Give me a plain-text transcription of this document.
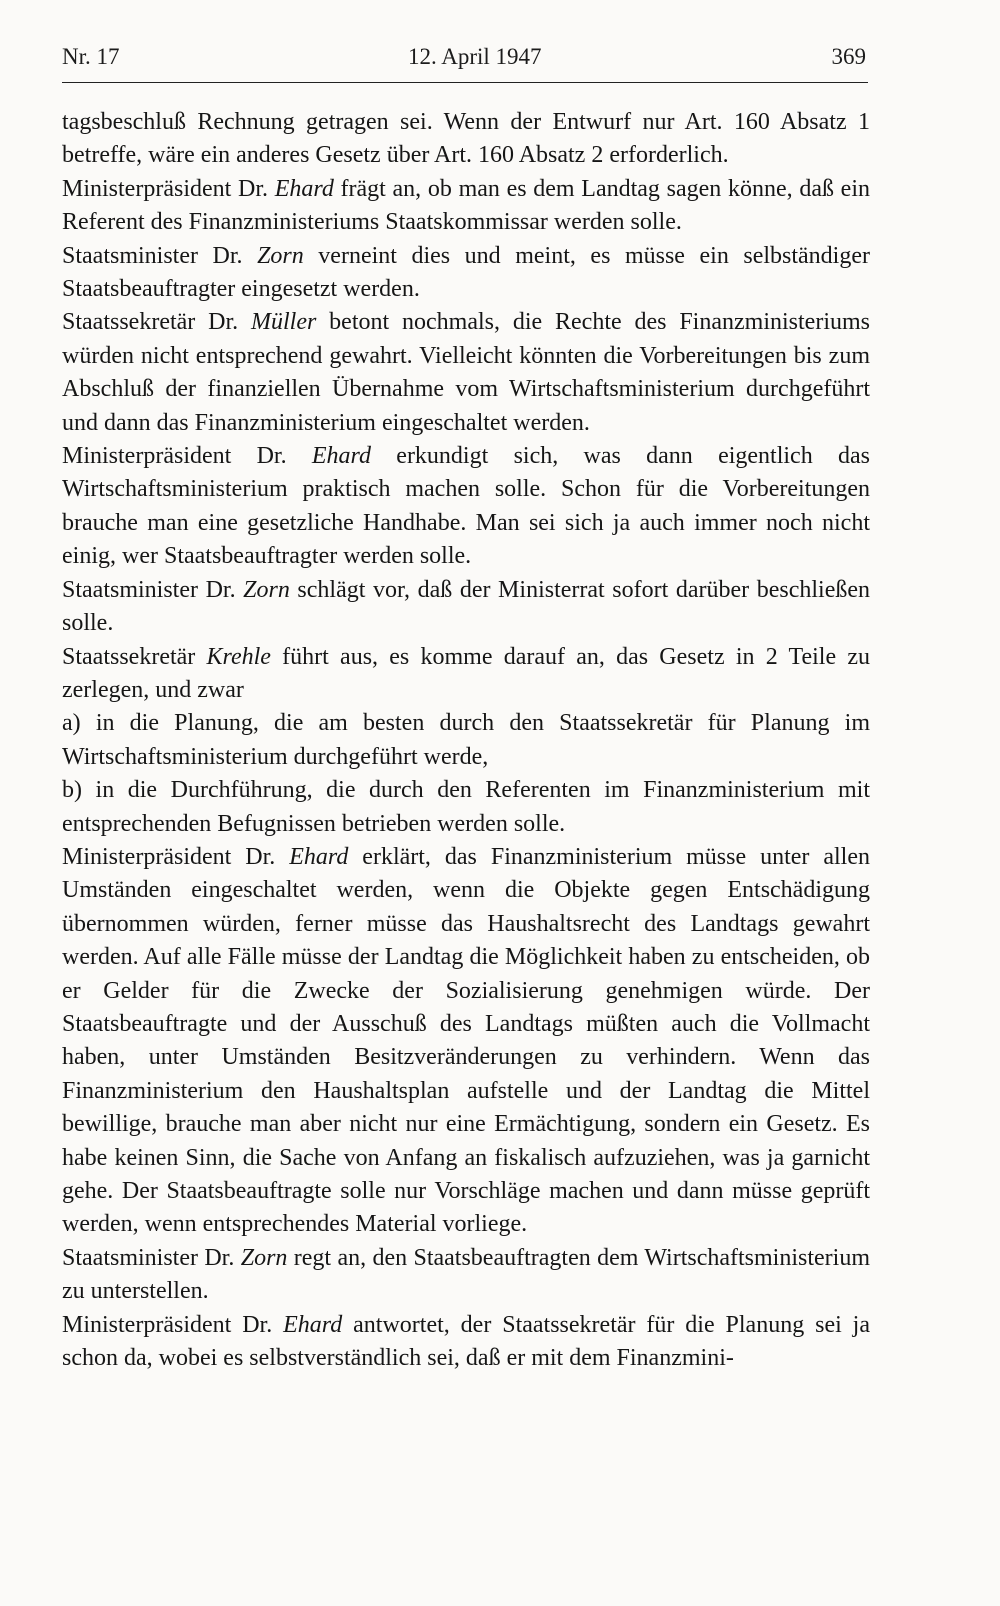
Nr. 17	12. April 1947	369

tagsbeschluß Rechnung getragen sei. Wenn der Entwurf nur Art. 160 Absatz 1 betreffe, wäre ein anderes Gesetz über Art. 160 Absatz 2 erforderlich.

Ministerpräsident Dr. Ehard frägt an, ob man es dem Landtag sagen könne, daß ein Referent des Finanzministeriums Staatskommissar werden solle.

Staatsminister Dr. Zorn verneint dies und meint, es müsse ein selbständiger Staatsbeauftragter eingesetzt werden.

Staatssekretär Dr. Müller betont nochmals, die Rechte des Finanzministeriums würden nicht entsprechend gewahrt. Vielleicht könnten die Vorbereitungen bis zum Abschluß der finanziellen Übernahme vom Wirtschaftsministerium durchgeführt und dann das Finanzministerium eingeschaltet werden.

Ministerpräsident Dr. Ehard erkundigt sich, was dann eigentlich das Wirtschaftsministerium praktisch machen solle. Schon für die Vorbereitungen brauche man eine gesetzliche Handhabe. Man sei sich ja auch immer noch nicht einig, wer Staatsbeauftragter werden solle.

Staatsminister Dr. Zorn schlägt vor, daß der Ministerrat sofort darüber beschließen solle.

Staatssekretär Krehle führt aus, es komme darauf an, das Gesetz in 2 Teile zu zerlegen, und zwar

a) in die Planung, die am besten durch den Staatssekretär für Planung im Wirtschaftsministerium durchgeführt werde,

b) in die Durchführung, die durch den Referenten im Finanzministerium mit entsprechenden Befugnissen betrieben werden solle.

Ministerpräsident Dr. Ehard erklärt, das Finanzministerium müsse unter allen Umständen eingeschaltet werden, wenn die Objekte gegen Entschädigung übernommen würden, ferner müsse das Haushaltsrecht des Landtags gewahrt werden. Auf alle Fälle müsse der Landtag die Möglichkeit haben zu entscheiden, ob er Gelder für die Zwecke der Sozialisierung genehmigen würde. Der Staatsbeauftragte und der Ausschuß des Landtags müßten auch die Vollmacht haben, unter Umständen Besitzveränderungen zu verhindern. Wenn das Finanzministerium den Haushaltsplan aufstelle und der Landtag die Mittel bewillige, brauche man aber nicht nur eine Ermächtigung, sondern ein Gesetz. Es habe keinen Sinn, die Sache von Anfang an fiskalisch aufzuziehen, was ja garnicht gehe. Der Staatsbeauftragte solle nur Vorschläge machen und dann müsse geprüft werden, wenn entsprechendes Material vorliege.

Staatsminister Dr. Zorn regt an, den Staatsbeauftragten dem Wirtschaftsministerium zu unterstellen.

Ministerpräsident Dr. Ehard antwortet, der Staatssekretär für die Planung sei ja schon da, wobei es selbstverständlich sei, daß er mit dem Finanzmini-
